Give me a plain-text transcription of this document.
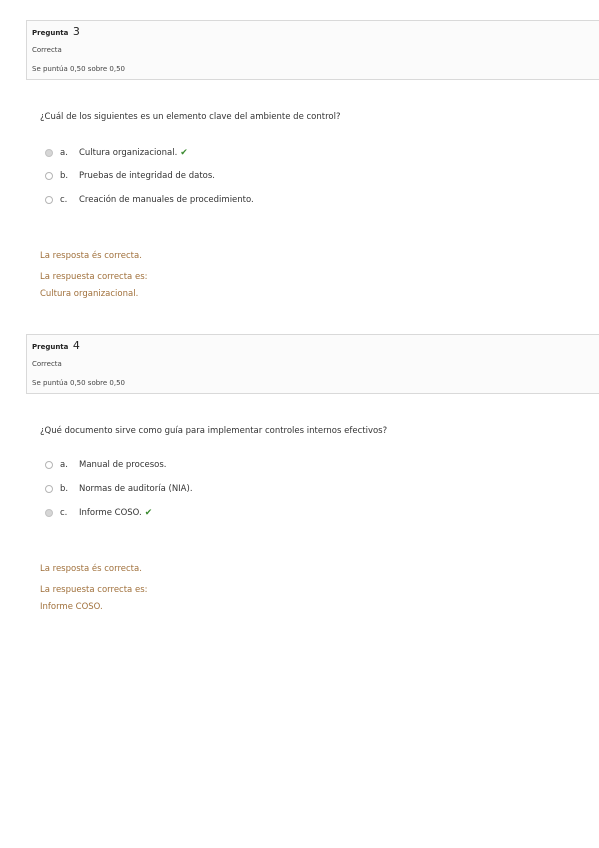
Pregunta 3
Correcta
Se puntúa 0,50 sobre 0,50
¿Cuál de los siguientes es un elemento clave del ambiente de control?
a.	Cultura organizacional. ✔
b.	Pruebas de integridad de datos.
c.	Creación de manuales de procedimiento.
La resposta és correcta.
La respuesta correcta es:
Cultura organizacional.
Pregunta 4
Correcta
Se puntúa 0,50 sobre 0,50
¿Qué documento sirve como guía para implementar controles internos efectivos?
a.	Manual de procesos.
b.	Normas de auditoría (NIA).
c.	Informe COSO. ✔
La resposta és correcta.
La respuesta correcta es:
Informe COSO.
